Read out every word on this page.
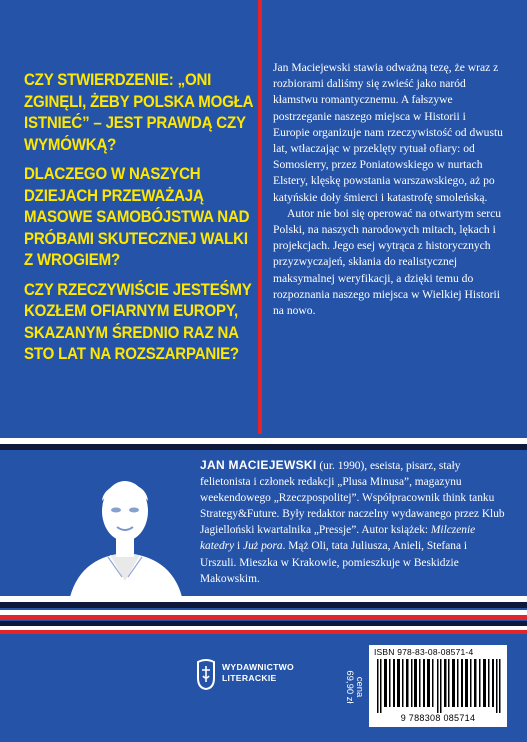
CZY STWIERDZENIE: „ONI ZGINĘLI, ŻEBY POLSKA MOGŁA ISTNIEĆ” – JEST PRAWDĄ CZY WYMÓWKĄ?

DLACZEGO W NASZYCH DZIEJACH PRZEWAŻAJĄ MASOWE SAMOBÓJSTWA NAD PRÓBAMI SKUTECZNEJ WALKI Z WROGIEM?

CZY RZECZYWIŚCIE JESTEŚMY KOZŁEM OFIARNYM EUROPY, SKAZANYM ŚREDNIO RAZ NA STO LAT NA ROZSZARPANIE?

Jan Maciejewski stawia odważną tezę, że wraz z rozbiorami daliśmy się zwieść jako naród kłamstwu romantycznemu. A fałszywe postrzeganie naszego miejsca w Historii i Europie organizuje nam rzeczywistość od dwustu lat, wtłaczając w przeklęty rytuał ofiary: od Somosierry, przez Poniatowskiego w nurtach Elstery, klęskę powstania warszawskiego, aż po katyńskie doły śmierci i katastrofę smoleńską.

Autor nie boi się operować na otwartym sercu Polski, na naszych narodowych mitach, lękach i projekcjach. Jego esej wytrąca z historycznych przyzwyczajeń, skłania do realistycznej maksymalnej weryfikacji, a dzięki temu do rozpoznania naszego miejsca w Wielkiej Historii na nowo.

JAN MACIEJEWSKI (ur. 1990), eseista, pisarz, stały felietonista i członek redakcji „Plusa Minusa”, magazynu weekendowego „Rzeczpospolitej”. Współpracownik think tanku Strategy&Future. Były redaktor naczelny wydawanego przez Klub Jagielloński kwartalnika „Pressje”. Autor książek: Milczenie katedry i Już pora. Mąż Oli, tata Juliusza, Anieli, Stefana i Urszuli. Mieszka w Krakowie, pomieszkuje w Beskidzie Makowskim.
WYDAWNICTWO
LITERACKIE	cena
69,90 zł
ISBN 978-83-08-08571-4
9 788308 085714
